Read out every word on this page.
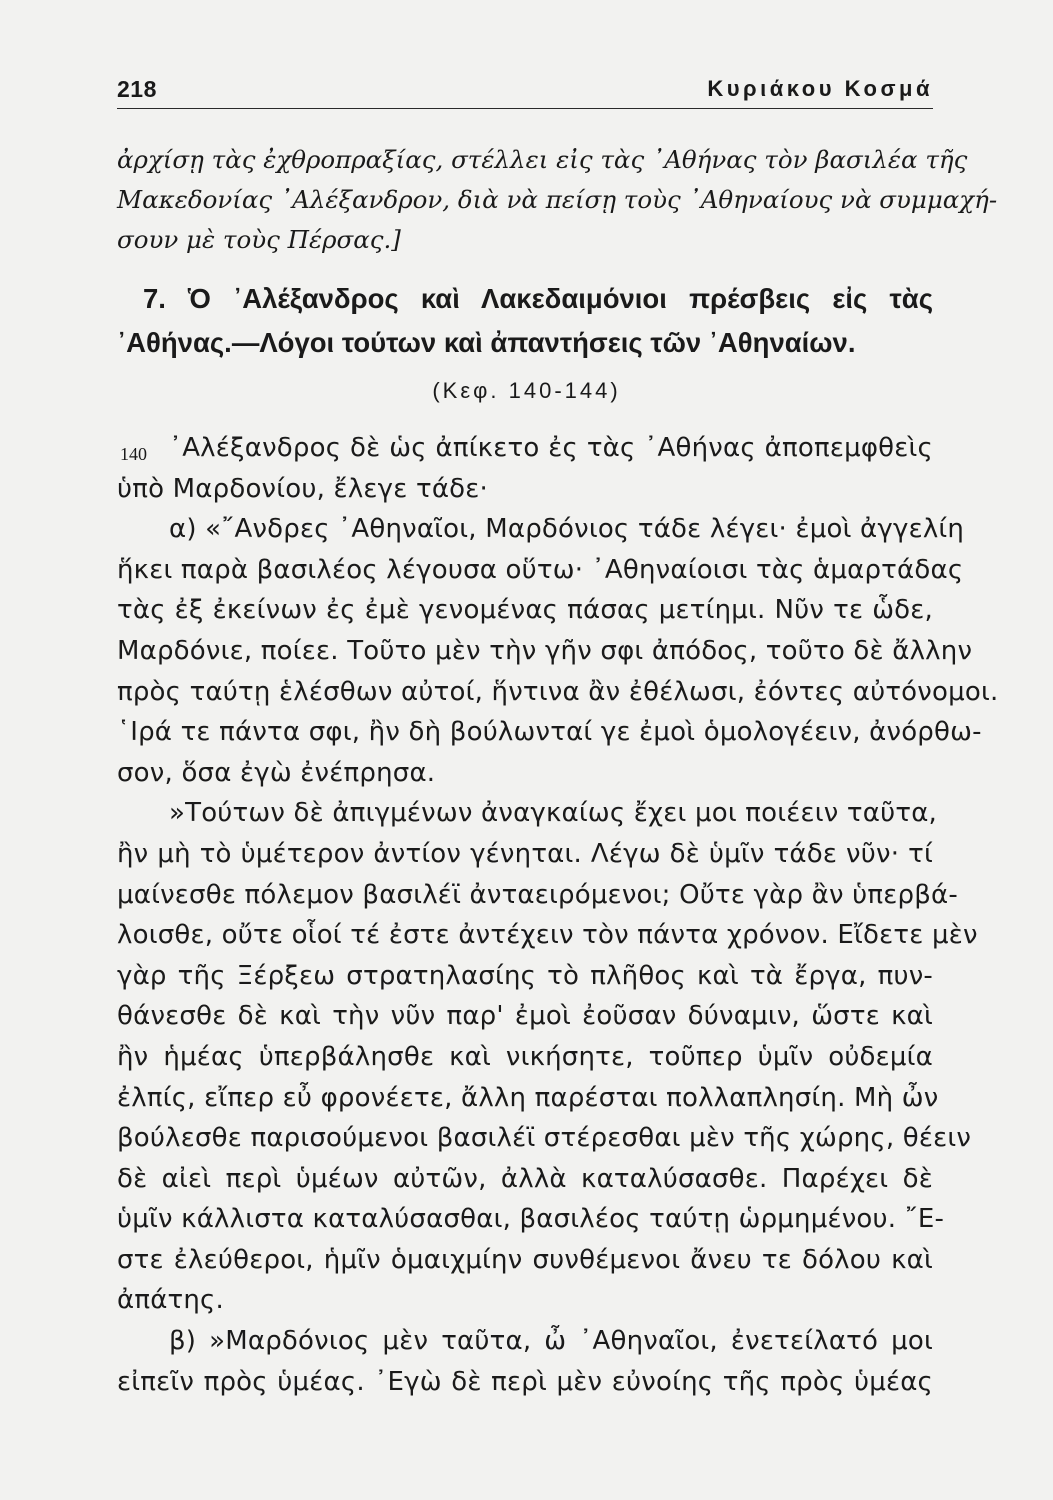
218	Κυριάκου Κοσμά
ἀρχίσῃ τὰς ἐχθροπραξίας, στέλλει εἰς τὰς ᾿Αθήνας τὸν βασιλέα τῆς
Μακεδονίας ᾿Αλέξανδρον, διὰ νὰ πείσῃ τοὺς ᾿Αθηναίους νὰ συμμαχή-
σουν μὲ τοὺς Πέρσας.]
7. Ὁ ᾿Αλέξανδρος καὶ Λακεδαιμόνιοι πρέσβεις εἰς τὰς
᾿Αθήνας.—Λόγοι τούτων καὶ ἀπαντήσεις τῶν ᾿Αθηναίων.
(Κεφ. 140-144)
140 ᾿Αλέξανδρος δὲ ὡς ἀπίκετο ἐς τὰς ᾿Αθήνας ἀποπεμφθεὶς
ὑπὸ Μαρδονίου, ἔλεγε τάδε·
α) «῎Ανδρες ᾿Αθηναῖοι, Μαρδόνιος τάδε λέγει· ἐμοὶ ἀγγελίη
ἥκει παρὰ βασιλέος λέγουσα οὕτω· ᾿Αθηναίοισι τὰς ἁμαρτάδας
τὰς ἐξ ἐκείνων ἐς ἐμὲ γενομένας πάσας μετίημι. Νῦν τε ὧδε,
Μαρδόνιε, ποίεε. Τοῦτο μὲν τὴν γῆν σφι ἀπόδος, τοῦτο δὲ ἄλλην
πρὸς ταύτῃ ἑλέσθων αὐτοί, ἥντινα ἂν ἐθέλωσι, ἐόντες αὐτόνομοι.
῾Ιρά τε πάντα σφι, ἢν δὴ βούλωνταί γε ἐμοὶ ὁμολογέειν, ἀνόρθω-
σον, ὅσα ἐγὼ ἐνέπρησα.
»Τούτων δὲ ἀπιγμένων ἀναγκαίως ἔχει μοι ποιέειν ταῦτα,
ἢν μὴ τὸ ὑμέτερον ἀντίον γένηται. Λέγω δὲ ὑμῖν τάδε νῦν· τί
μαίνεσθε πόλεμον βασιλέϊ ἀνταειρόμενοι; Οὔτε γὰρ ἂν ὑπερβά-
λοισθε, οὔτε οἷοί τέ ἐστε ἀντέχειν τὸν πάντα χρόνον. Εἴδετε μὲν
γὰρ τῆς Ξέρξεω στρατηλασίης τὸ πλῆθος καὶ τὰ ἔργα, πυν-
θάνεσθε δὲ καὶ τὴν νῦν παρ' ἐμοὶ ἐοῦσαν δύναμιν, ὥστε καὶ
ἢν ἡμέας ὑπερβάλησθε καὶ νικήσητε, τοῦπερ ὑμῖν οὐδεμία
ἐλπίς, εἴπερ εὖ φρονέετε, ἄλλη παρέσται πολλαπλησίη. Μὴ ὦν
βούλεσθε παρισούμενοι βασιλέϊ στέρεσθαι μὲν τῆς χώρης, θέειν
δὲ αἰεὶ περὶ ὑμέων αὐτῶν, ἀλλὰ καταλύσασθε. Παρέχει δὲ
ὑμῖν κάλλιστα καταλύσασθαι, βασιλέος ταύτῃ ὡρμημένου. ῎Ε-
στε ἐλεύθεροι, ἡμῖν ὁμαιχμίην συνθέμενοι ἄνευ τε δόλου καὶ
ἀπάτης.
β) »Μαρδόνιος μὲν ταῦτα, ὦ ᾿Αθηναῖοι, ἐνετείλατό μοι
εἰπεῖν πρὸς ὑμέας. ᾿Εγὼ δὲ περὶ μὲν εὐνοίης τῆς πρὸς ὑμέας
